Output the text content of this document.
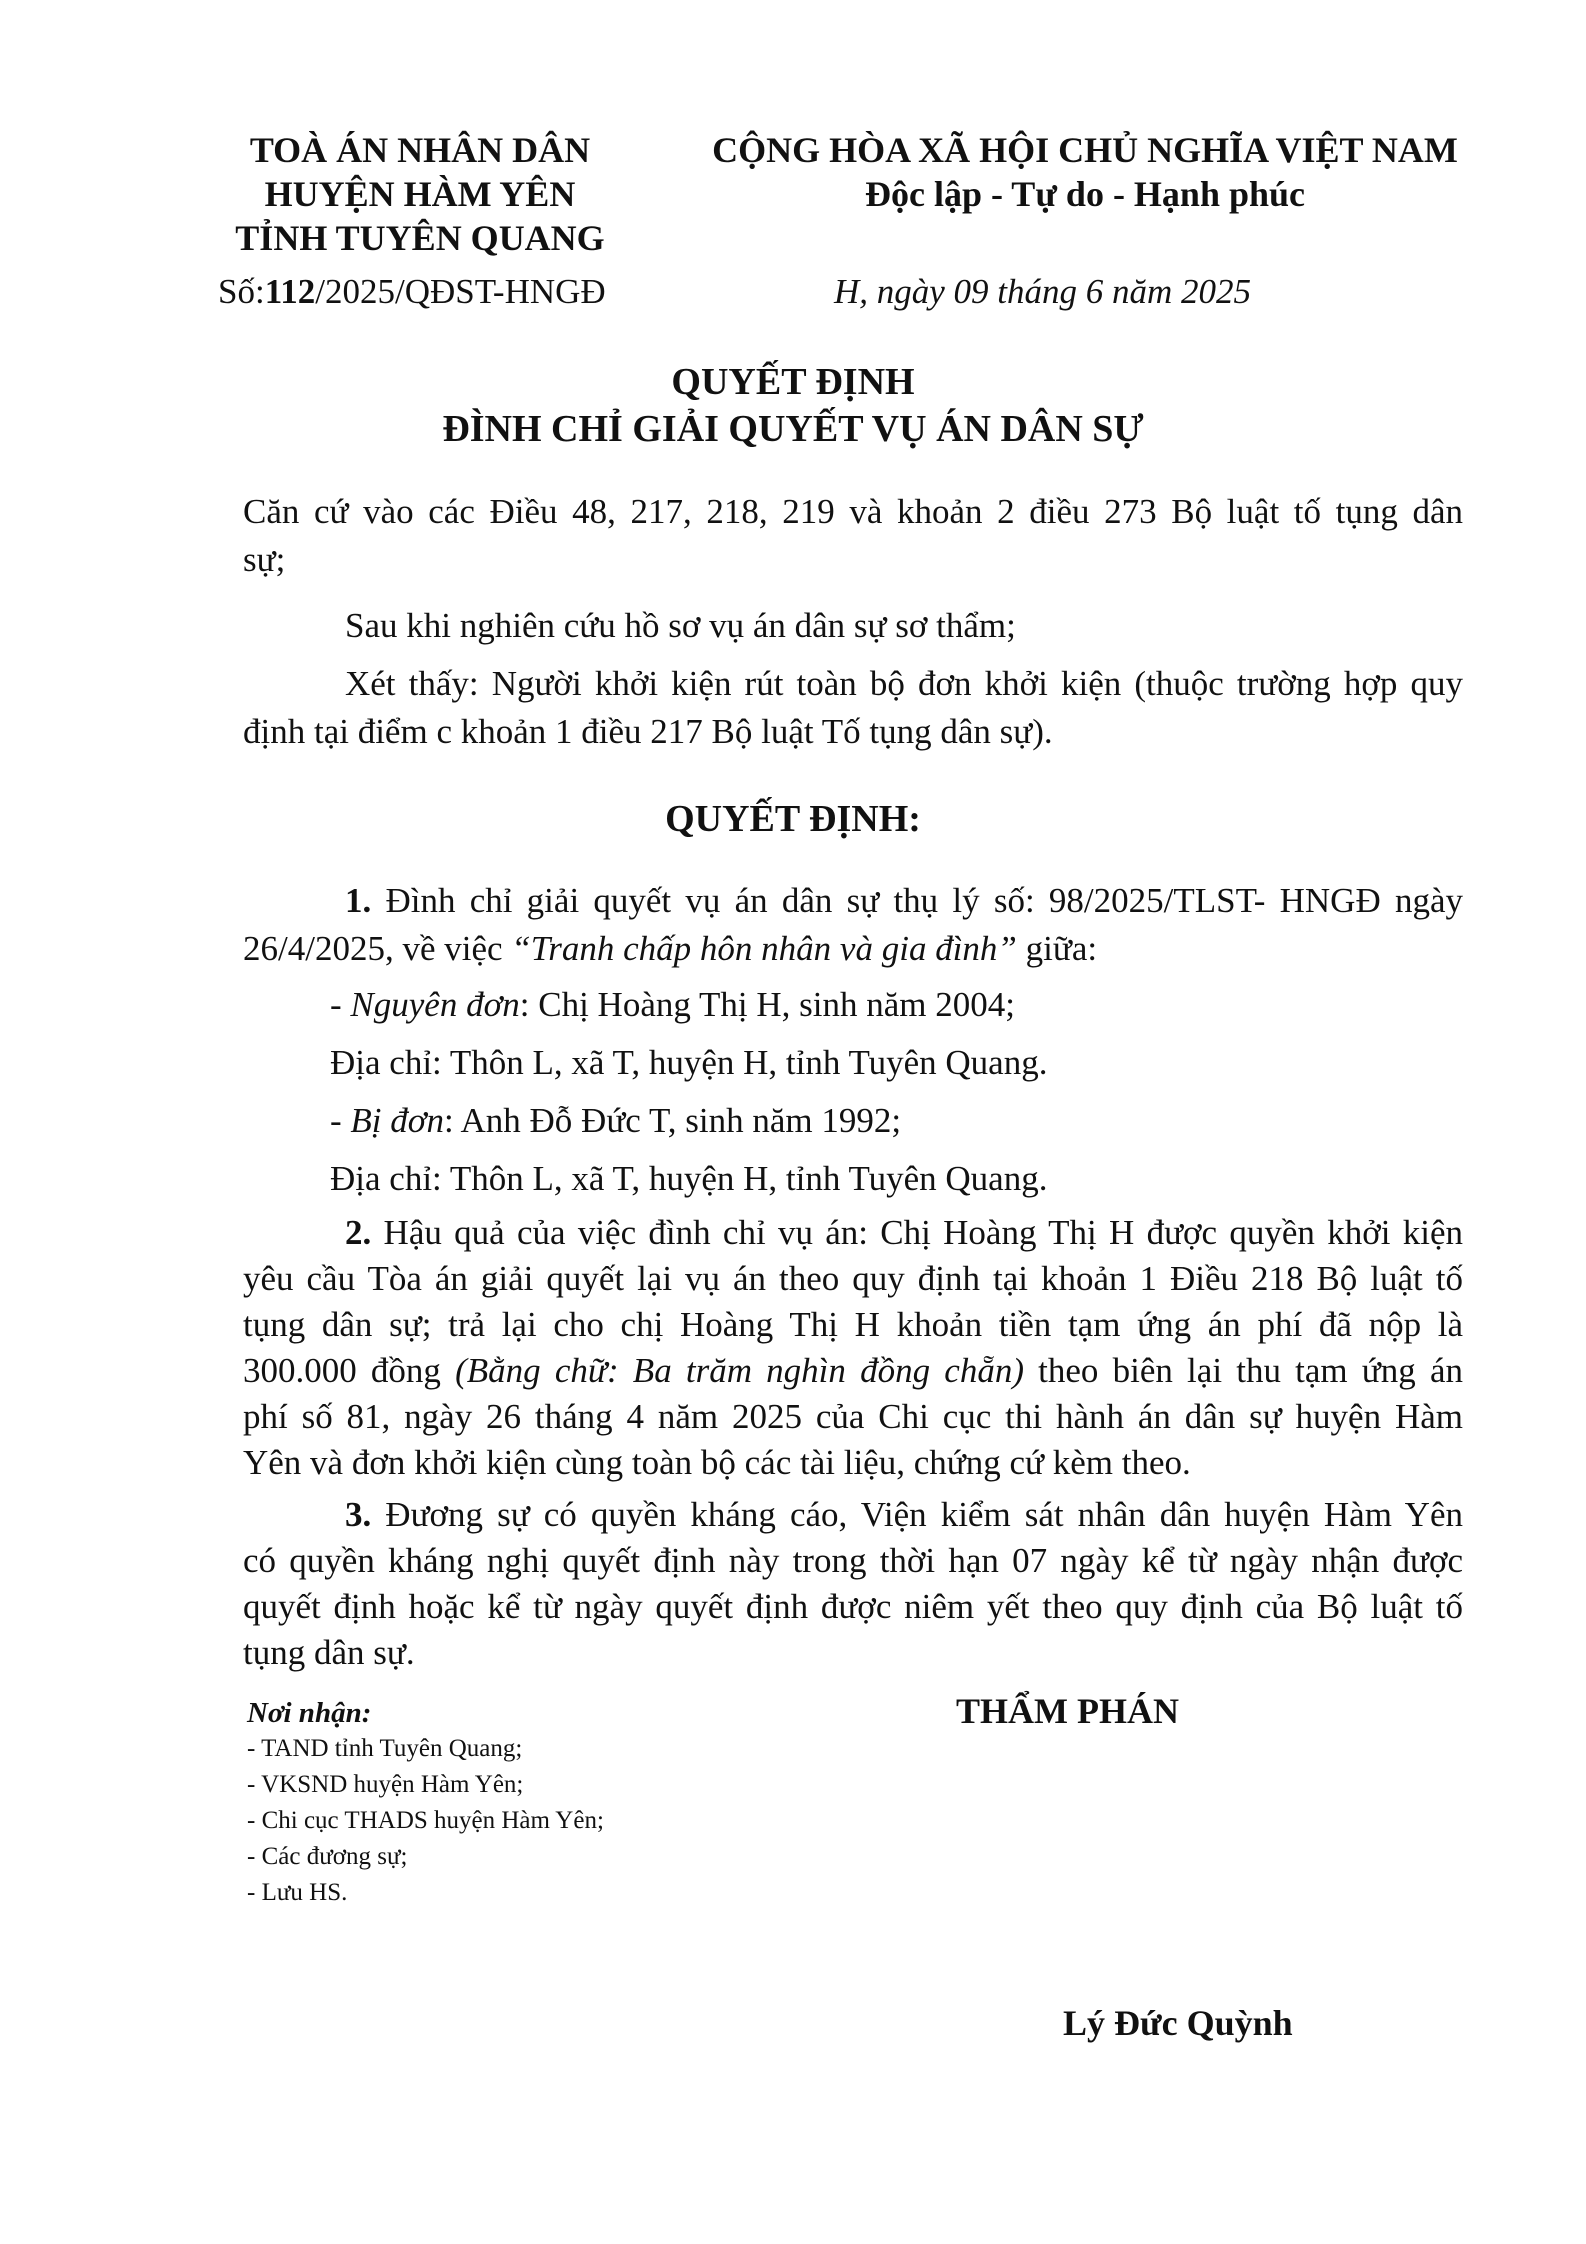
TOÀ ÁN NHÂN DÂN
HUYỆN HÀM YÊN
TỈNH TUYÊN QUANG
CỘNG HÒA XÃ HỘI CHỦ NGHĨA VIỆT NAM
Độc lập - Tự do - Hạnh phúc
Số:112/2025/QĐST-HNGĐ	H, ngày 09 tháng 6 năm 2025
QUYẾT ĐỊNH
ĐÌNH CHỈ GIẢI QUYẾT VỤ ÁN DÂN SỰ
Căn cứ vào các Điều 48, 217, 218, 219 và khoản 2 điều 273 Bộ luật tố tụng dân
sự;
Sau khi nghiên cứu hồ sơ vụ án dân sự sơ thẩm;
Xét thấy: Người khởi kiện rút toàn bộ đơn khởi kiện (thuộc trường hợp quy
định tại điểm c khoản 1 điều 217 Bộ luật Tố tụng dân sự).
QUYẾT ĐỊNH:
1. Đình chỉ giải quyết vụ án dân sự thụ lý số: 98/2025/TLST- HNGĐ ngày
26/4/2025, về việc “Tranh chấp hôn nhân và gia đình” giữa:
- Nguyên đơn: Chị Hoàng Thị H, sinh năm 2004;
Địa chỉ: Thôn L, xã T, huyện H, tỉnh Tuyên Quang.
- Bị đơn: Anh Đỗ Đức T, sinh năm 1992;
Địa chỉ: Thôn L, xã T, huyện H, tỉnh Tuyên Quang.
2. Hậu quả của việc đình chỉ vụ án: Chị Hoàng Thị H được quyền khởi kiện
yêu cầu Tòa án giải quyết lại vụ án theo quy định tại khoản 1 Điều 218 Bộ luật tố
tụng dân sự; trả lại cho chị Hoàng Thị H khoản tiền tạm ứng án phí đã nộp là
300.000 đồng (Bằng chữ: Ba trăm nghìn đồng chẵn) theo biên lại thu tạm ứng án
phí số 81, ngày 26 tháng 4 năm 2025 của Chi cục thi hành án dân sự huyện Hàm
Yên và đơn khởi kiện cùng toàn bộ các tài liệu, chứng cứ kèm theo.
3. Đương sự có quyền kháng cáo, Viện kiểm sát nhân dân huyện Hàm Yên
có quyền kháng nghị quyết định này trong thời hạn 07 ngày kể từ ngày nhận được
quyết định hoặc kể từ ngày quyết định được niêm yết theo quy định của Bộ luật tố
tụng dân sự.
Nơi nhận:
- TAND tỉnh Tuyên Quang;
- VKSND huyện Hàm Yên;
- Chi cục THADS huyện Hàm Yên;
- Các đương sự;
- Lưu HS.
THẨM PHÁN
Lý Đức Quỳnh
